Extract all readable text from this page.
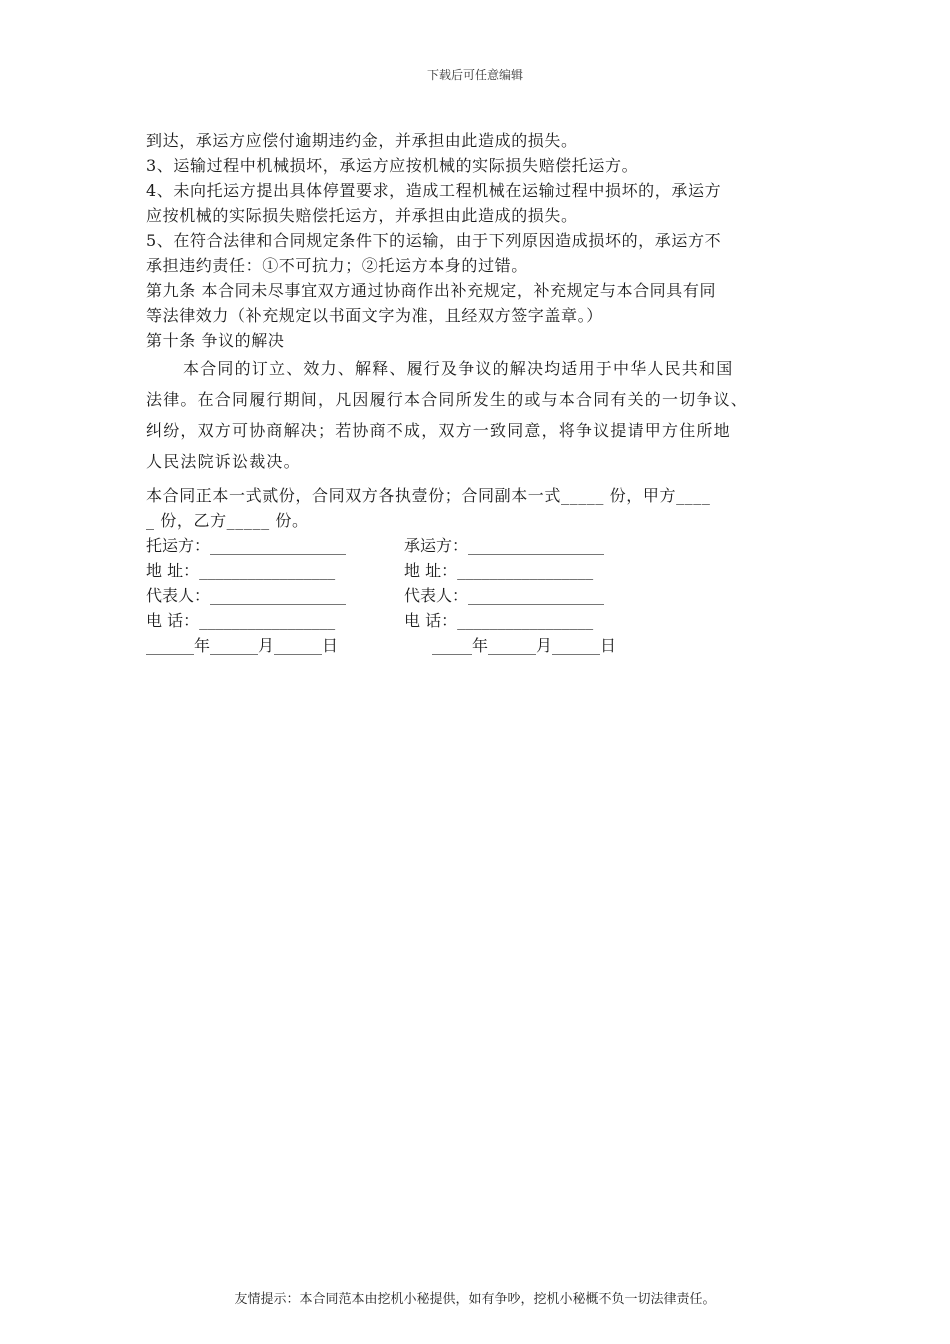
下载后可任意编辑
到达，承运方应偿付逾期违约金，并承担由此造成的损失。
3、运输过程中机械损坏，承运方应按机械的实际损失赔偿托运方。
4、未向托运方提出具体停置要求，造成工程机械在运输过程中损坏的，承运方
应按机械的实际损失赔偿托运方，并承担由此造成的损失。
5、在符合法律和合同规定条件下的运输，由于下列原因造成损坏的，承运方不
承担违约责任：①不可抗力；②托运方本身的过错。
第九条 本合同未尽事宜双方通过协商作出补充规定，补充规定与本合同具有同
等法律效力（补充规定以书面文字为准，且经双方签字盖章。）
第十条 争议的解决
本合同的订立、效力、解释、履行及争议的解决均适用于中华人民共和国
法律。在合同履行期间，凡因履行本合同所发生的或与本合同有关的一切争议、
纠纷，双方可协商解决；若协商不成，双方一致同意，将争议提请甲方住所地
人民法院诉讼裁决。
本合同正本一式贰份，合同双方各执壹份；合同副本一式_____ 份，甲方____
_ 份，乙方_____ 份。
托运方：_________________	承运方：_________________
地 址：_________________	地 址：_________________
代表人：_________________	代表人：_________________
电 话：_________________	电 话：_________________
______年______月______日	_____年______月______日
友情提示：本合同范本由挖机小秘提供，如有争吵，挖机小秘概不负一切法律责任。
